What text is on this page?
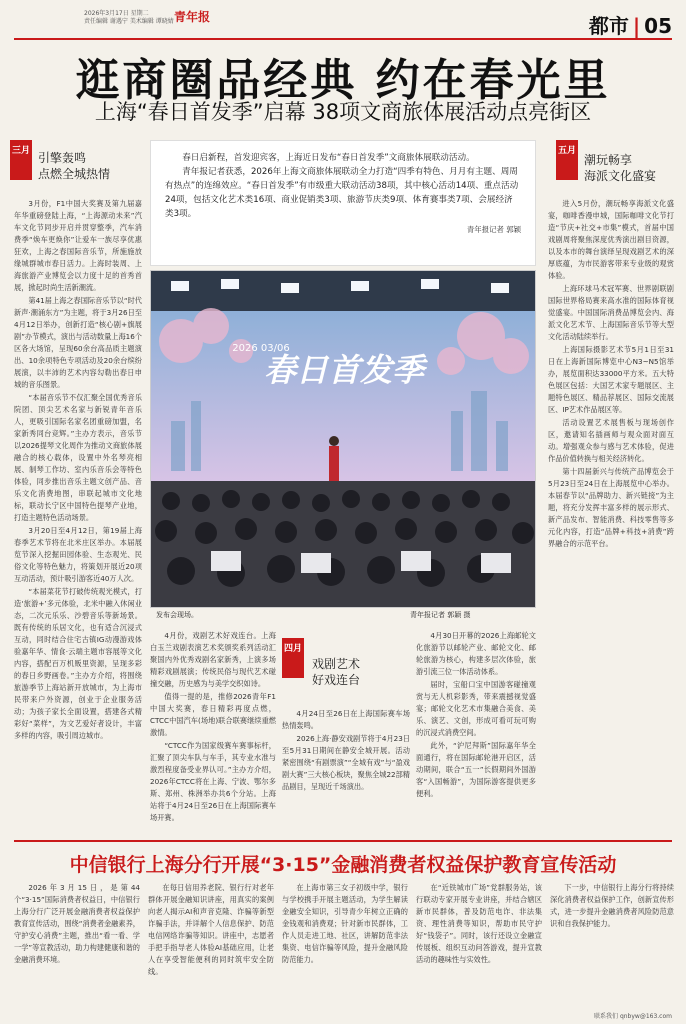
2026年3月17日 星期二
责任编辑 谢遇宁 美术编辑 谭晓婧 青年报	都市 | 05
逛商圈品经典 约在春光里
上海“春日首发季”启幕 38项文商旅体展活动点亮街区
三月 引擎轰鸣
点燃全城热情
五月
潮玩畅享
海派文化盛宴

3月份，F1中国大奖赛及第九届嘉年华重磅登陆上海，“上海源动未来”汽车文化节同步开启并贯穿整季，汽车消费季“焕车更焕你”让爱车一族尽享优惠狂欢，上海之春国际音乐节，所施施放缘城群城市春日活力。上海时装周、上海旅游产业博览会以力度十足的首秀首展，掀起时尚生活新潮流。

第41届上海之春国际音乐节以“时代新声·潮涌东方”为主题，将于3月26日至4月12日举办，创新打造“核心剧+旗展剧”办节模式，演出与活动数量上海16个区各大场馆，呈现60余台高品质主题演出、10余项特色专项活动及20余台缤纷展演，以丰沛的艺术内容勾勒出春日申城的音乐图景。

“本届音乐节不仅汇聚全国优秀音乐院团、顶尖艺术名家与新锐青年音乐人，更吸引国际名家名团重磅加盟，名家新秀同台竞辉。”主办方表示，音乐节以2026提琴文化周作为推动文商旅体展融合的核心载体，设置中外名琴亮相展、制琴工作坊、室内乐音乐会等特色体验，同步推出音乐主题文创产品、音乐文化消费地图，串联起城市文化地标，联动长宁区中国特色提琴产业地，打造主题特色活动场景。

3月20日至4月12日，第19届上海春季艺术节将在北米庄区举办。本届展览节深入挖掘田园体验、生态观光、民俗文化等特色魅力，将策划开展近20项互动活动，预计吸引游客近40万人次。

“本届菜花节打破传统观光模式，打造‘旅游+’多元体验，北米中融入休闲业态，二次元乐乐、沙碧音乐等新场景。既有传统的乐居文化，也有适合沉浸式互动，同时结合住宅古镇IG动漫游戏体验嘉年华、情食·云端主题市容展等文化内容，搭配百万机贩里资源，呈现多彩的春日乡野画卷。”主办方介绍，将围绕旅游季节上海站新开放城市，为上海市民带来户外资源，创业于企业服务活动；为孩子家长全面设置，搭建各式精彩好“菜样”，为文艺爱好者设计，丰富多样的内容，吸引周边城市。

春日启新程，首发迎宾客，上海近日发布“春日首发季”文商旅体展联动活动。

青年报记者获悉，2026年上海文商旅体展联动全力打造“四季有特色、月月有主题、周周有热点”的连绵效应。“春日首发季”有市级重大联动活动38项，其中核心活动14项、重点活动24项，包括文化艺术类16项、商业促销类3项、旅游节庆类9项、体育赛事类7项、会展经济类3项。

青年报记者 郭颖
春日首发季
2026 03/06
发布会现场。	青年报记者 郭颖 摄
四月
戏剧艺术
好戏连台

4月份，戏剧艺术好戏连台。上海白玉兰戏剧表演艺术奖颁奖系列活动汇聚国内外优秀戏剧名家新秀，上演多场精彩戏剧展演；传统民俗与现代艺术碰撞交融，历史感为与美学交织如诗。

值得一提的是，推修2026青年F1中国大奖赛，春日精彩再度点燃，CTCC中国汽车(场地)联合联赛继续重燃激情。

“CTCC作为国家级赛车赛事标杆，汇聚了顶尖车队与车手，其专业水准与激烈程度备受业界认可。”主办方介绍，2026年CTCC将在上海、宁波、鄂尔多斯、郑州、株洲举办共6个分站。上海站将于4月24日至26日在上海国际赛车场开赛。

4月24日至26日在上海国际赛车场热情轰鸣。

2026上海·静安戏剧节将于4月23日至5月31日期间在静安全城开展。活动紧密围绕“有剧票演”“全城有戏”与“盈戏剧大赛”三大核心板块，聚焦全城22部精品剧目，呈现近千场演出。

4月30日开幕的2026上海邮轮文化旅游节以邮轮产业、邮轮文化、邮轮旅游为核心，构建多层次体验，旅游引流三位一体活动体系。

届时，宝船口宝中国游客碰撞观赏与无人机彩影秀，带来震撼视觉盛宴；邮轮文化艺术市集融合美食、美乐、演艺、文创，形成可看可玩可购的沉浸式消费空间。

此外，“沪尼拜斯”国际嘉年华全面通行，将在国际邮轮港开启区，活动期间，联合“五一”长假期间外国游客“入国畅游”，为国际游客提供更多便利。

进入5月份，潮玩畅享海派文化盛宴，咖啡香漫申城，国际咖啡文化节打造“节庆+社交+市集”模式，首届中国戏剧周将聚焦深度优秀演出剧目资源，以及本市的舞台演绎呈现戏剧艺术的深厚底蕴，为市民游客带来专业级的观赏体验。

上海环球马术冠军赛、世界剧联剧国际世界格局赛来高水准的国际体育视觉盛宴。中国国际消费品博览会内、海派文化艺术节、上海国际音乐节等大型文化活动陆续举行。

上海国际摄影艺术节5月1日至31日在上海新国际博览中心N3~N5馆举办，展览面积达33000平方米。五大特色展区包括：大国艺术家专题展区、主题特色展区、精品荐展区、国际交流展区、IP艺术作品展区等。

活动设置艺术展售板与现场创作区，邀请知名插画师与观众面对面互动。增强观众参与感与艺术体验，促进作品价值转换与相关经济转化。

第十四届新兴与传统产品博览会于5月23日至24日在上海展览中心举办。本届春节以“品牌助力、新兴链接”为主题，将充分发挥丰富多样的展示形式、新产品发布、智能消费、科技零售等多元化内容，打造“品牌+科技+消费”跨界融合的示范平台。

中信银行上海分行开展“3·15”金融消费者权益保护教育宣传活动

2026年3月15日，是第44个“3·15”国际消费者权益日，中信银行上海分行广泛开展金融消费者权益保护教育宣传活动，围绕“消费者金融素养，守护安心消费”主题，推出“看一看、学一学”等宣教活动，助力构建健康和谐的金融消费环境。

在每日信用养老院、银行行对老年群体开展金融知识讲座，用真实的案例向老人揭示AI和声音克隆、诈骗等新型诈骗手法，并详解个人信息保护、防范电信网络诈骗等知识。讲座中，志愿者手把手指导老人体验AI基础应用，让老人在享受智能便利的同时筑牢安全防线。

在上海市第三女子初级中学，银行与学校携手开展主题活动，为学生解读金融安全知识，引导青少年树立正确的金钱观和消费观；针对新市民群体，工作人员走进工地、社区，讲解防范非法集资、电信诈骗等风险，提升金融风险防范能力。

在“近铁城市广场”党群服务站，该行联动专家开展专业讲座，并结合辖区新市民群体，普及防范电诈、非法集资、理性消费等知识，帮助市民守护好“钱袋子”。同时，该行还设立金融宣传展板、组织互动问答游戏，提升宣教活动的趣味性与实效性。

下一步，中信银行上海分行将持续深化消费者权益保护工作，创新宣传形式，进一步提升金融消费者风险防范意识和自我保护能力。

联系我们 qnbyw@163.com
